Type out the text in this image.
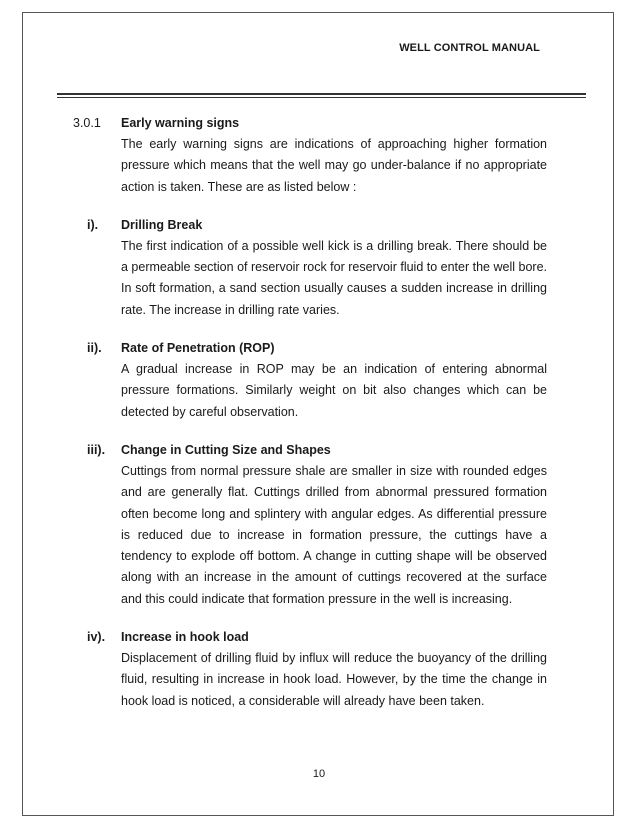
WELL CONTROL MANUAL
3.0.1 Early warning signs

The early warning signs are indications of approaching higher formation pressure which means that the well may go under-balance if no appropriate action is taken. These are as listed below :

i). Drilling Break

The first indication of a possible well kick is a drilling break. There should be a permeable section of reservoir rock for reservoir fluid to enter the well bore. In soft formation, a sand section usually causes a sudden increase in drilling rate. The increase in drilling rate varies.

ii). Rate of Penetration (ROP)

A gradual increase in ROP may be an indication of entering abnormal pressure formations. Similarly weight on bit also changes which can be detected by careful observation.

iii). Change in Cutting Size and Shapes

Cuttings from normal pressure shale are smaller in size with rounded edges and are generally flat. Cuttings drilled from abnormal pressured formation often become long and splintery with angular edges. As differential pressure is reduced due to increase in formation pressure, the cuttings have a tendency to explode off bottom. A change in cutting shape will be observed along with an increase in the amount of cuttings recovered at the surface and this could indicate that formation pressure in the well is increasing.

iv). Increase in hook load

Displacement of drilling fluid by influx will reduce the buoyancy of the drilling fluid, resulting in increase in hook load. However, by the time the change in hook load is noticed, a considerable will already have been taken.

10
